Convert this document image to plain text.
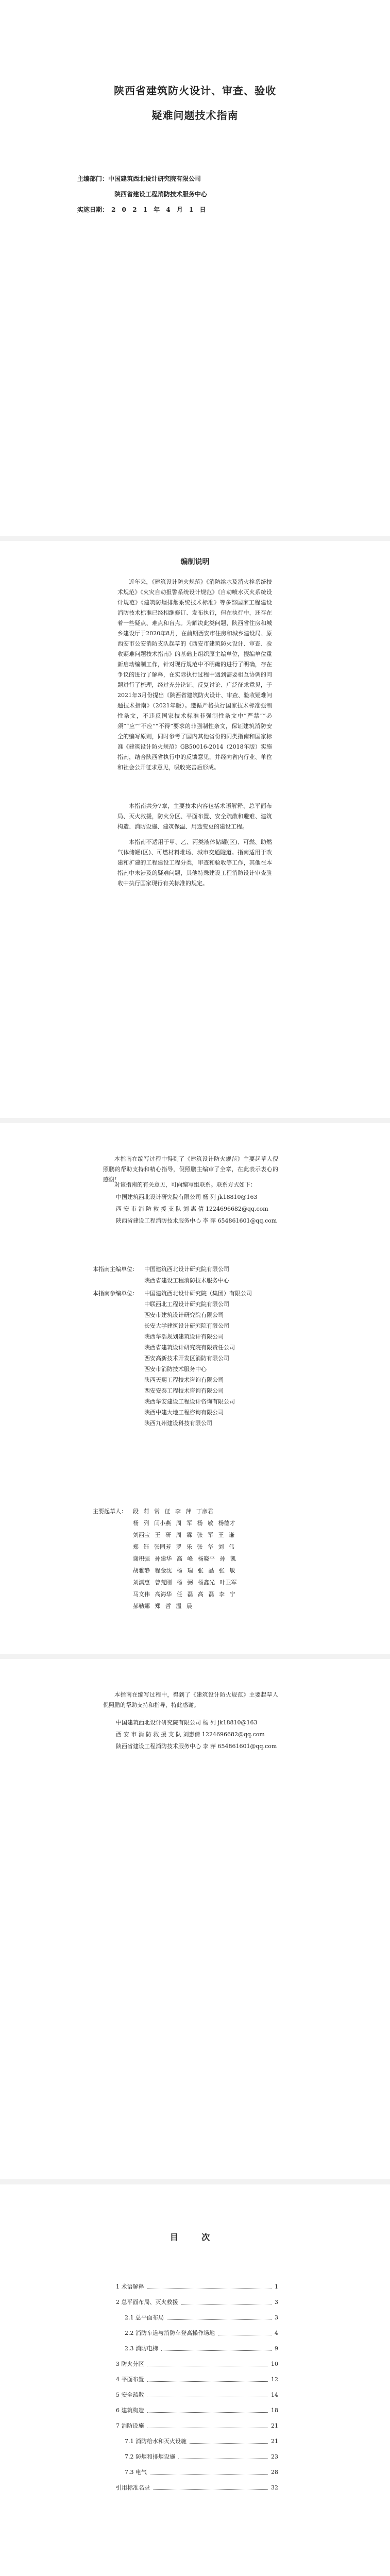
陕西省建筑防火设计、审查、验收
疑难问题技术指南
主编部门：中国建筑西北设计研究院有限公司
陕西省建设工程消防技术服务中心
实施日期： 2 0 2 1 年 4 月 1 日
编制说明
近年来，《建筑设计防火规范》《消防给水及消火栓系统技术规范》《火灾自动报警系统设计规范》《自动喷水灭火系统设计规范》《建筑防烟排烟系统技术标准》等多部国家工程建设消防技术标准已经相继修订、发布执行，但在执行中，还存在着一些疑点、难点和盲点。为解决此类问题，陕西省住房和城乡建设厅于2020年8月，在前期西安市住房和城乡建设局、原西安市公安消防支队起草的《西安市建筑防火设计、审查、验收疑难问题技术指南》的基础上组织原主编单位，搜编单位重新启动编制工作，针对现行规范中不明确的进行了明确，存在争议的进行了解释，在实际执行过程中遇到需要相互协调的问题进行了梳理，经过充分论证、反复讨论、广泛征求意见，于2021年3月份提出《陕西省建筑防火设计、审查、验收疑难问题技术指南》（2021年版）。遵循严格执行国家技术标准强制性条文，不违反国家技术标准非强制性条文中“严禁”“必须”“应”“不应”“不得”要求的非强制性条文，保证建筑消防安全的编写原则，同时参考了国内其他省份的同类指南和国家标准《建筑设计防火规范》GB50016-2014（2018年版）实施指南，结合陕西省执行中的反馈意见，并经向省内行业、单位和社会公开征求意见，吸收完善后形成。
本指南共分7章，主要技术内容包括术语解释、总平面布局、灭火救援，防火分区、平面布置、安全疏散和避难、建筑构造、消防设施、建筑保温、用途变更的建设工程。
本指南不适用于甲、乙、丙类液体储罐(区)、可燃、助燃气体储罐(区)、可燃材料堆场、城市交通隧道。指南适用于改建和扩建的工程建设工程分类，审查和验收等工作，其他在本指南中未涉及的疑难问题，其他特殊建设工程消防设计审查验收中执行国家现行有关标准的规定。
本指南在编写过程中得到了《建筑设计防火规范》主要起草人倪照鹏的帮助支持和精心指导，倪照鹏主编审了全章，在此表示衷心的感谢！
对该指南的有关意见，可向编写组联系。联系方式如下：
中国建筑西北设计研究院有限公司 杨 列 jk18810@163
西 安 市 消 防 救 援 支 队 刘 惠 倩 1224696682@qq.com
陕西省建设工程消防技术服务中心 李 萍 654861601@qq.com
本指南主编单位： 中国建筑西北设计研究院有限公司
陕西省建设工程消防技术服务中心
本指南参编单位： 中国建筑西北设计研究院（集团）有限公司
中联西北工程设计研究院有限公司
西安市建筑设计研究院有限公司
长安大学建筑设计研究院有限公司
陕西华浩规划建筑设计有限公司
陕西省建筑设计研究院有限责任公司
西安高新技术开发区消防有限公司
西安市消防技术服务中心
陕西天赐工程技术咨询有限公司
西安安泰工程技术咨询有限公司
陕西华安建设工程设计咨询有限公司
陕西中建大地工程咨询有限公司
陕西九州建设科技有限公司
主要起草人： 段 莉 常 征 李 萍 丁彦君
杨 列 闫小燕 周 军 杨 敏 杨德才
刘西宝 王 研 周 霖 张 军 王 谦
郑 钰 张园芳 罗 乐 张 华 刘 伟
谢积强 孙建华 高 峰 杨晓平 孙 凯
胡雅静 程金沈 杨 瑞 张 晶 张 敏
刘滇惠 曾荒刚 杨 弼 杨鑫光 叶卫军
马文伟 高海华 任 磊 高 磊 李 宁
郝勒娜 郑 哲 温 晨
本指南在编写过程中，得到了《建筑设计防火规范》主要起草人倪照鹏的帮助支持和指导，特此感谢。
中国建筑西北设计研究院有限公司 杨 列 jk18810@163
西 安 市 消 防 救 援 支 队 刘惠倩 1224696682@qq.com
陕西省建设工程消防技术服务中心 李 萍 654861601@qq.com
目 次
1 术语解释	1
2 总平面布局、灭火救援	3
2.1 总平面布局	3
2.2 消防车道与消防车登高操作场地	4
2.3 消防电梯	9
3 防火分区	10
4 平面布置	12
5 安全疏散	14
6 建筑构造	18
7 消防设施	21
7.1 消防给水和灭火设施	21
7.2 防烟和排烟设施	23
7.3 电气	28
引用标准名录	32
